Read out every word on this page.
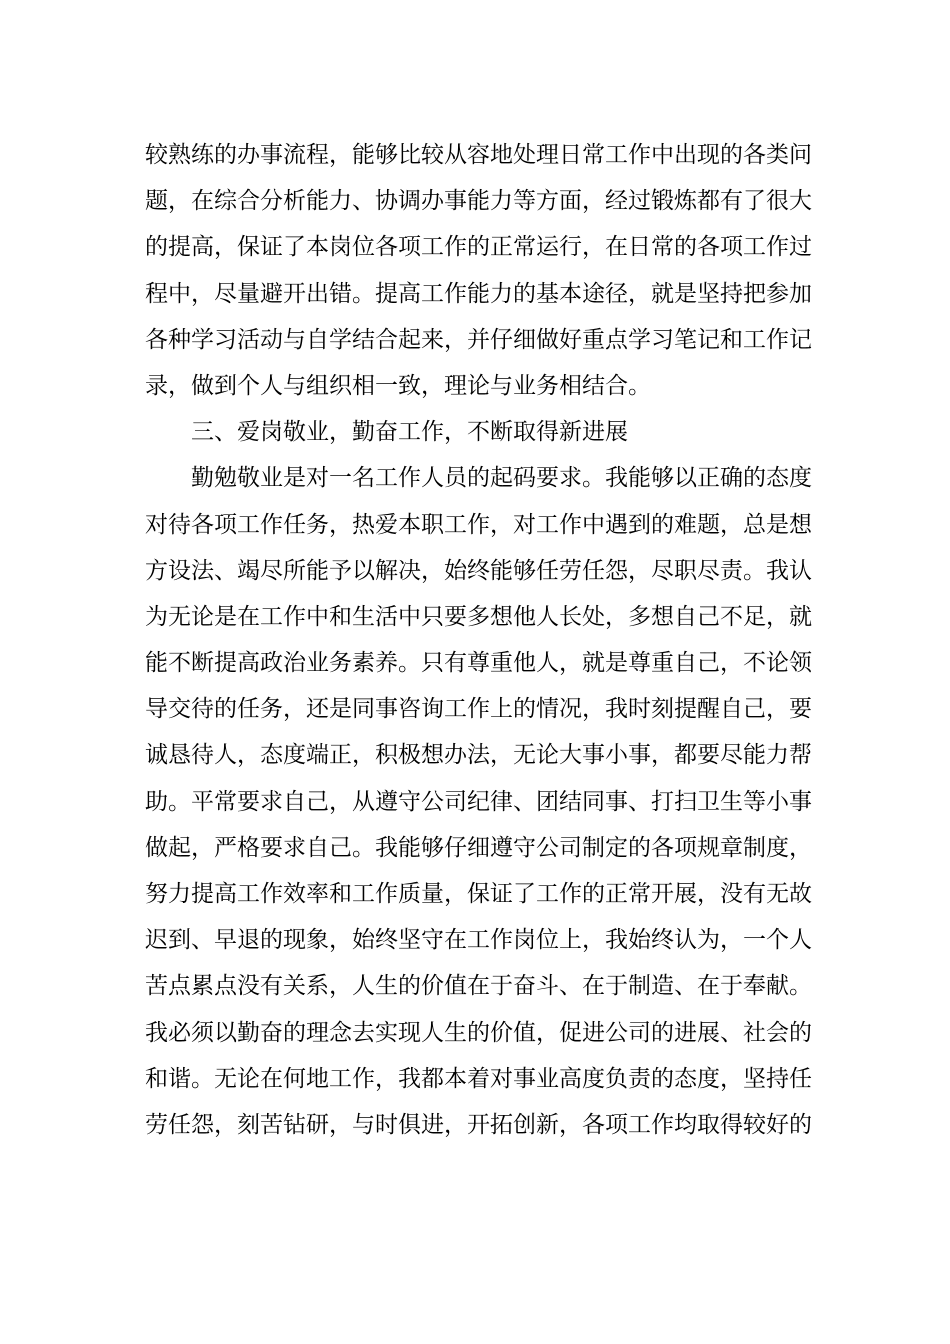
较熟练的办事流程，能够比较从容地处理日常工作中出现的各类问
题，在综合分析能力、协调办事能力等方面，经过锻炼都有了很大
的提高，保证了本岗位各项工作的正常运行，在日常的各项工作过
程中，尽量避开出错。提高工作能力的基本途径，就是坚持把参加
各种学习活动与自学结合起来，并仔细做好重点学习笔记和工作记
录，做到个人与组织相一致，理论与业务相结合。
三、爱岗敬业，勤奋工作，不断取得新进展
勤勉敬业是对一名工作人员的起码要求。我能够以正确的态度
对待各项工作任务，热爱本职工作，对工作中遇到的难题，总是想
方设法、竭尽所能予以解决，始终能够任劳任怨，尽职尽责。我认
为无论是在工作中和生活中只要多想他人长处，多想自己不足，就
能不断提高政治业务素养。只有尊重他人，就是尊重自己，不论领
导交待的任务，还是同事咨询工作上的情况，我时刻提醒自己，要
诚恳待人，态度端正，积极想办法，无论大事小事，都要尽能力帮
助。平常要求自己，从遵守公司纪律、团结同事、打扫卫生等小事
做起，严格要求自己。我能够仔细遵守公司制定的各项规章制度，
努力提高工作效率和工作质量，保证了工作的正常开展，没有无故
迟到、早退的现象，始终坚守在工作岗位上，我始终认为，一个人
苦点累点没有关系，人生的价值在于奋斗、在于制造、在于奉献。
我必须以勤奋的理念去实现人生的价值，促进公司的进展、社会的
和谐。无论在何地工作，我都本着对事业高度负责的态度，坚持任
劳任怨，刻苦钻研，与时俱进，开拓创新，各项工作均取得较好的
